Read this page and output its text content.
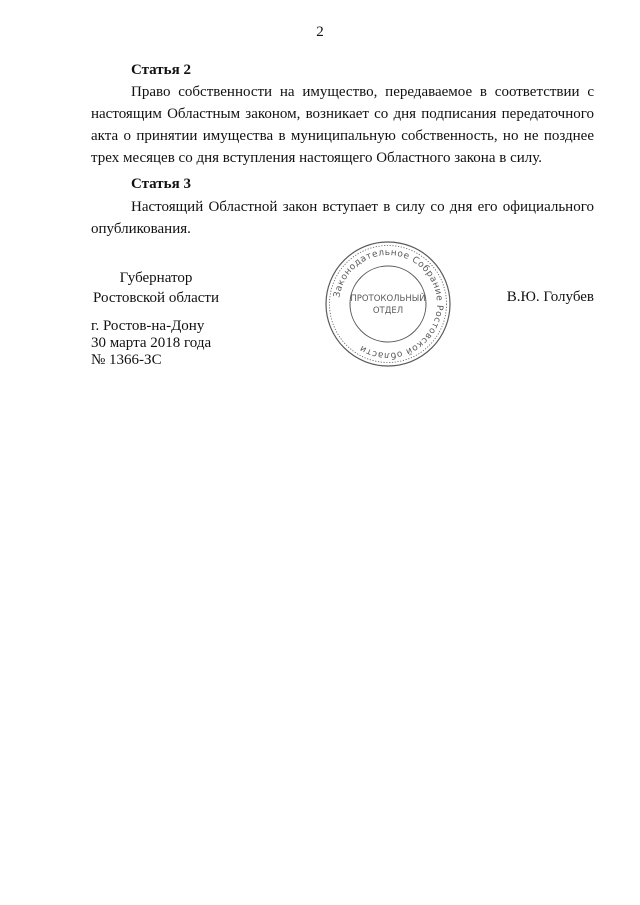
2
Статья 2
Право собственности на имущество, передаваемое в соответствии с
настоящим Областным законом, возникает со дня подписания передаточного
акта о принятии имущества в муниципальную собственность, но не позднее
трех месяцев со дня вступления настоящего Областного закона в силу.
Статья 3
Настоящий Областной закон вступает в силу со дня его официального
опубликования.
Губернатор
Ростовской области	В.Ю. Голубев
Законодательное Собрание Ростовской области
ПРОТОКОЛЬНЫЙ
ОТДЕЛ
г. Ростов-на-Дону
30 марта 2018 года
№ 1366-ЗС
